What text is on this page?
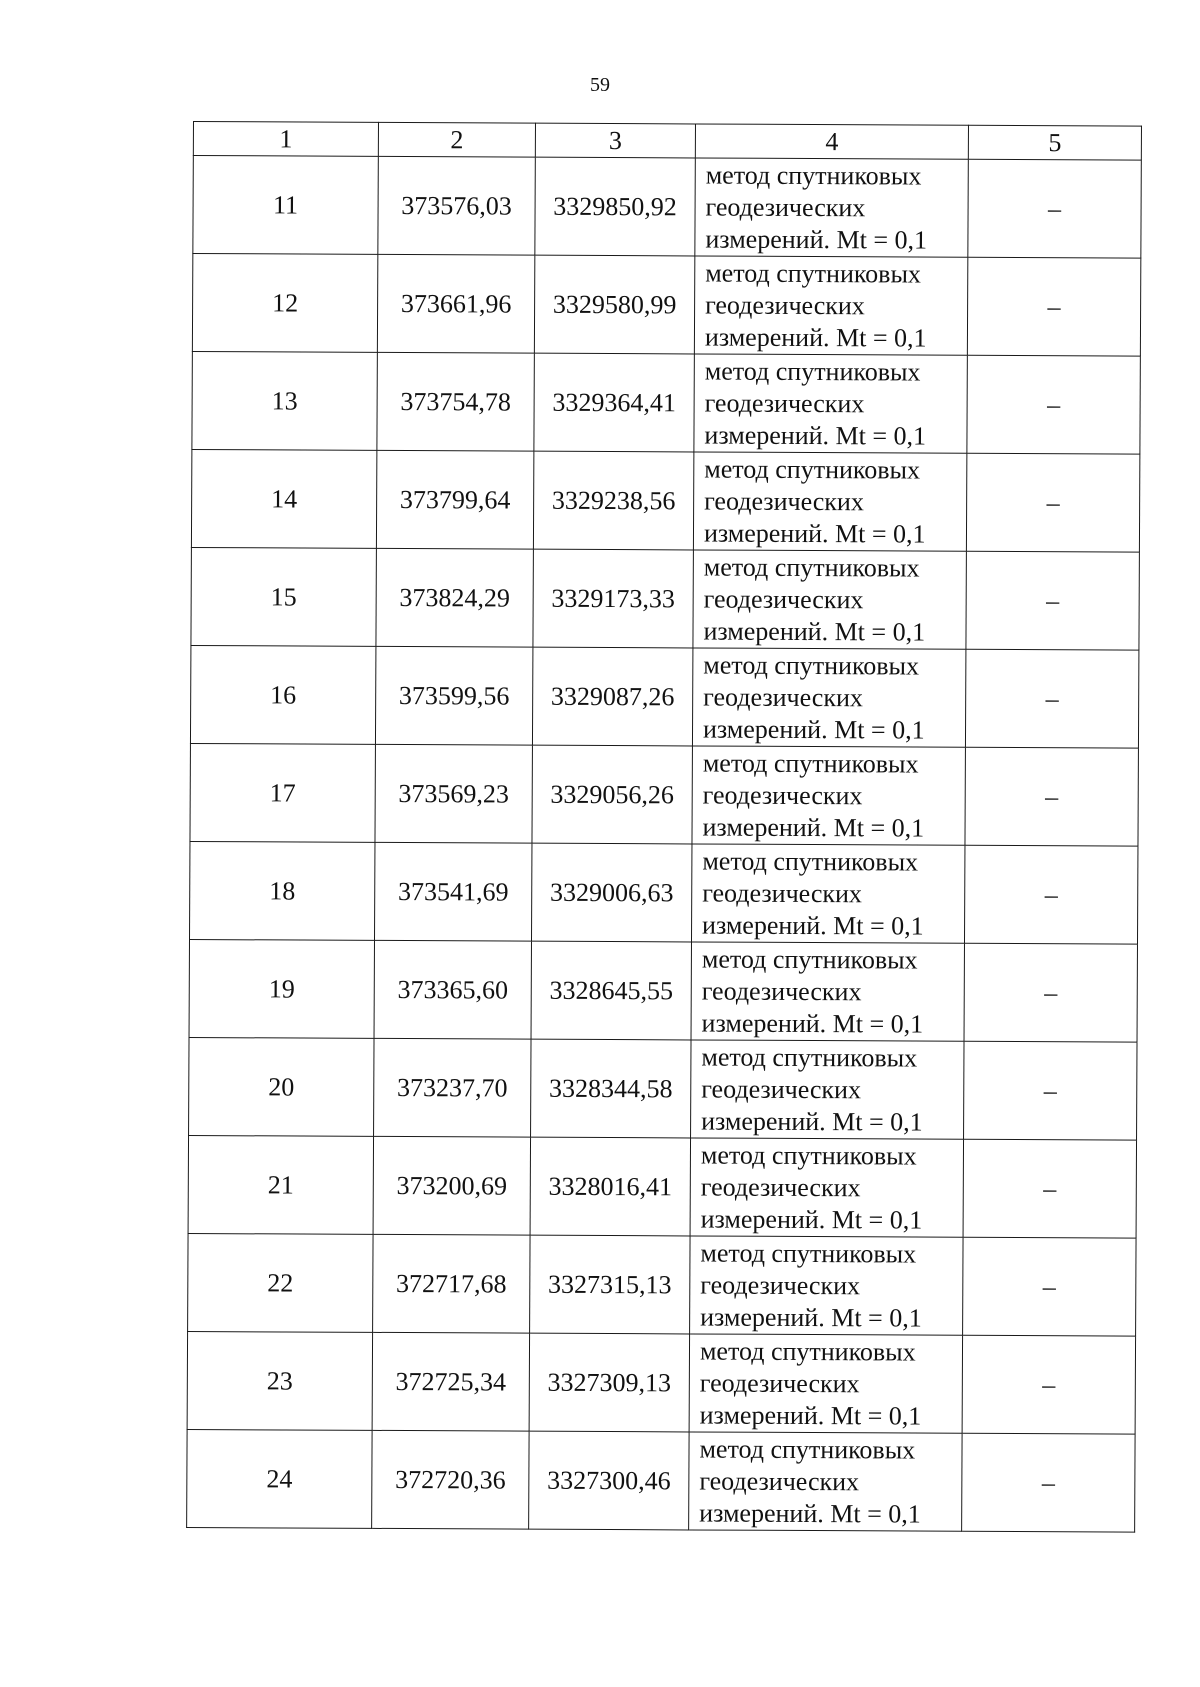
59
1	2	3	4	5
11	373576,03	3329850,92	метод спутниковых
геодезических
измерений. Mt = 0,1	–
12	373661,96	3329580,99	метод спутниковых
геодезических
измерений. Mt = 0,1	–
13	373754,78	3329364,41	метод спутниковых
геодезических
измерений. Mt = 0,1	–
14	373799,64	3329238,56	метод спутниковых
геодезических
измерений. Mt = 0,1	–
15	373824,29	3329173,33	метод спутниковых
геодезических
измерений. Mt = 0,1	–
16	373599,56	3329087,26	метод спутниковых
геодезических
измерений. Mt = 0,1	–
17	373569,23	3329056,26	метод спутниковых
геодезических
измерений. Mt = 0,1	–
18	373541,69	3329006,63	метод спутниковых
геодезических
измерений. Mt = 0,1	–
19	373365,60	3328645,55	метод спутниковых
геодезических
измерений. Mt = 0,1	–
20	373237,70	3328344,58	метод спутниковых
геодезических
измерений. Mt = 0,1	–
21	373200,69	3328016,41	метод спутниковых
геодезических
измерений. Mt = 0,1	–
22	372717,68	3327315,13	метод спутниковых
геодезических
измерений. Mt = 0,1	–
23	372725,34	3327309,13	метод спутниковых
геодезических
измерений. Mt = 0,1	–
24	372720,36	3327300,46	метод спутниковых
геодезических
измерений. Mt = 0,1	–
